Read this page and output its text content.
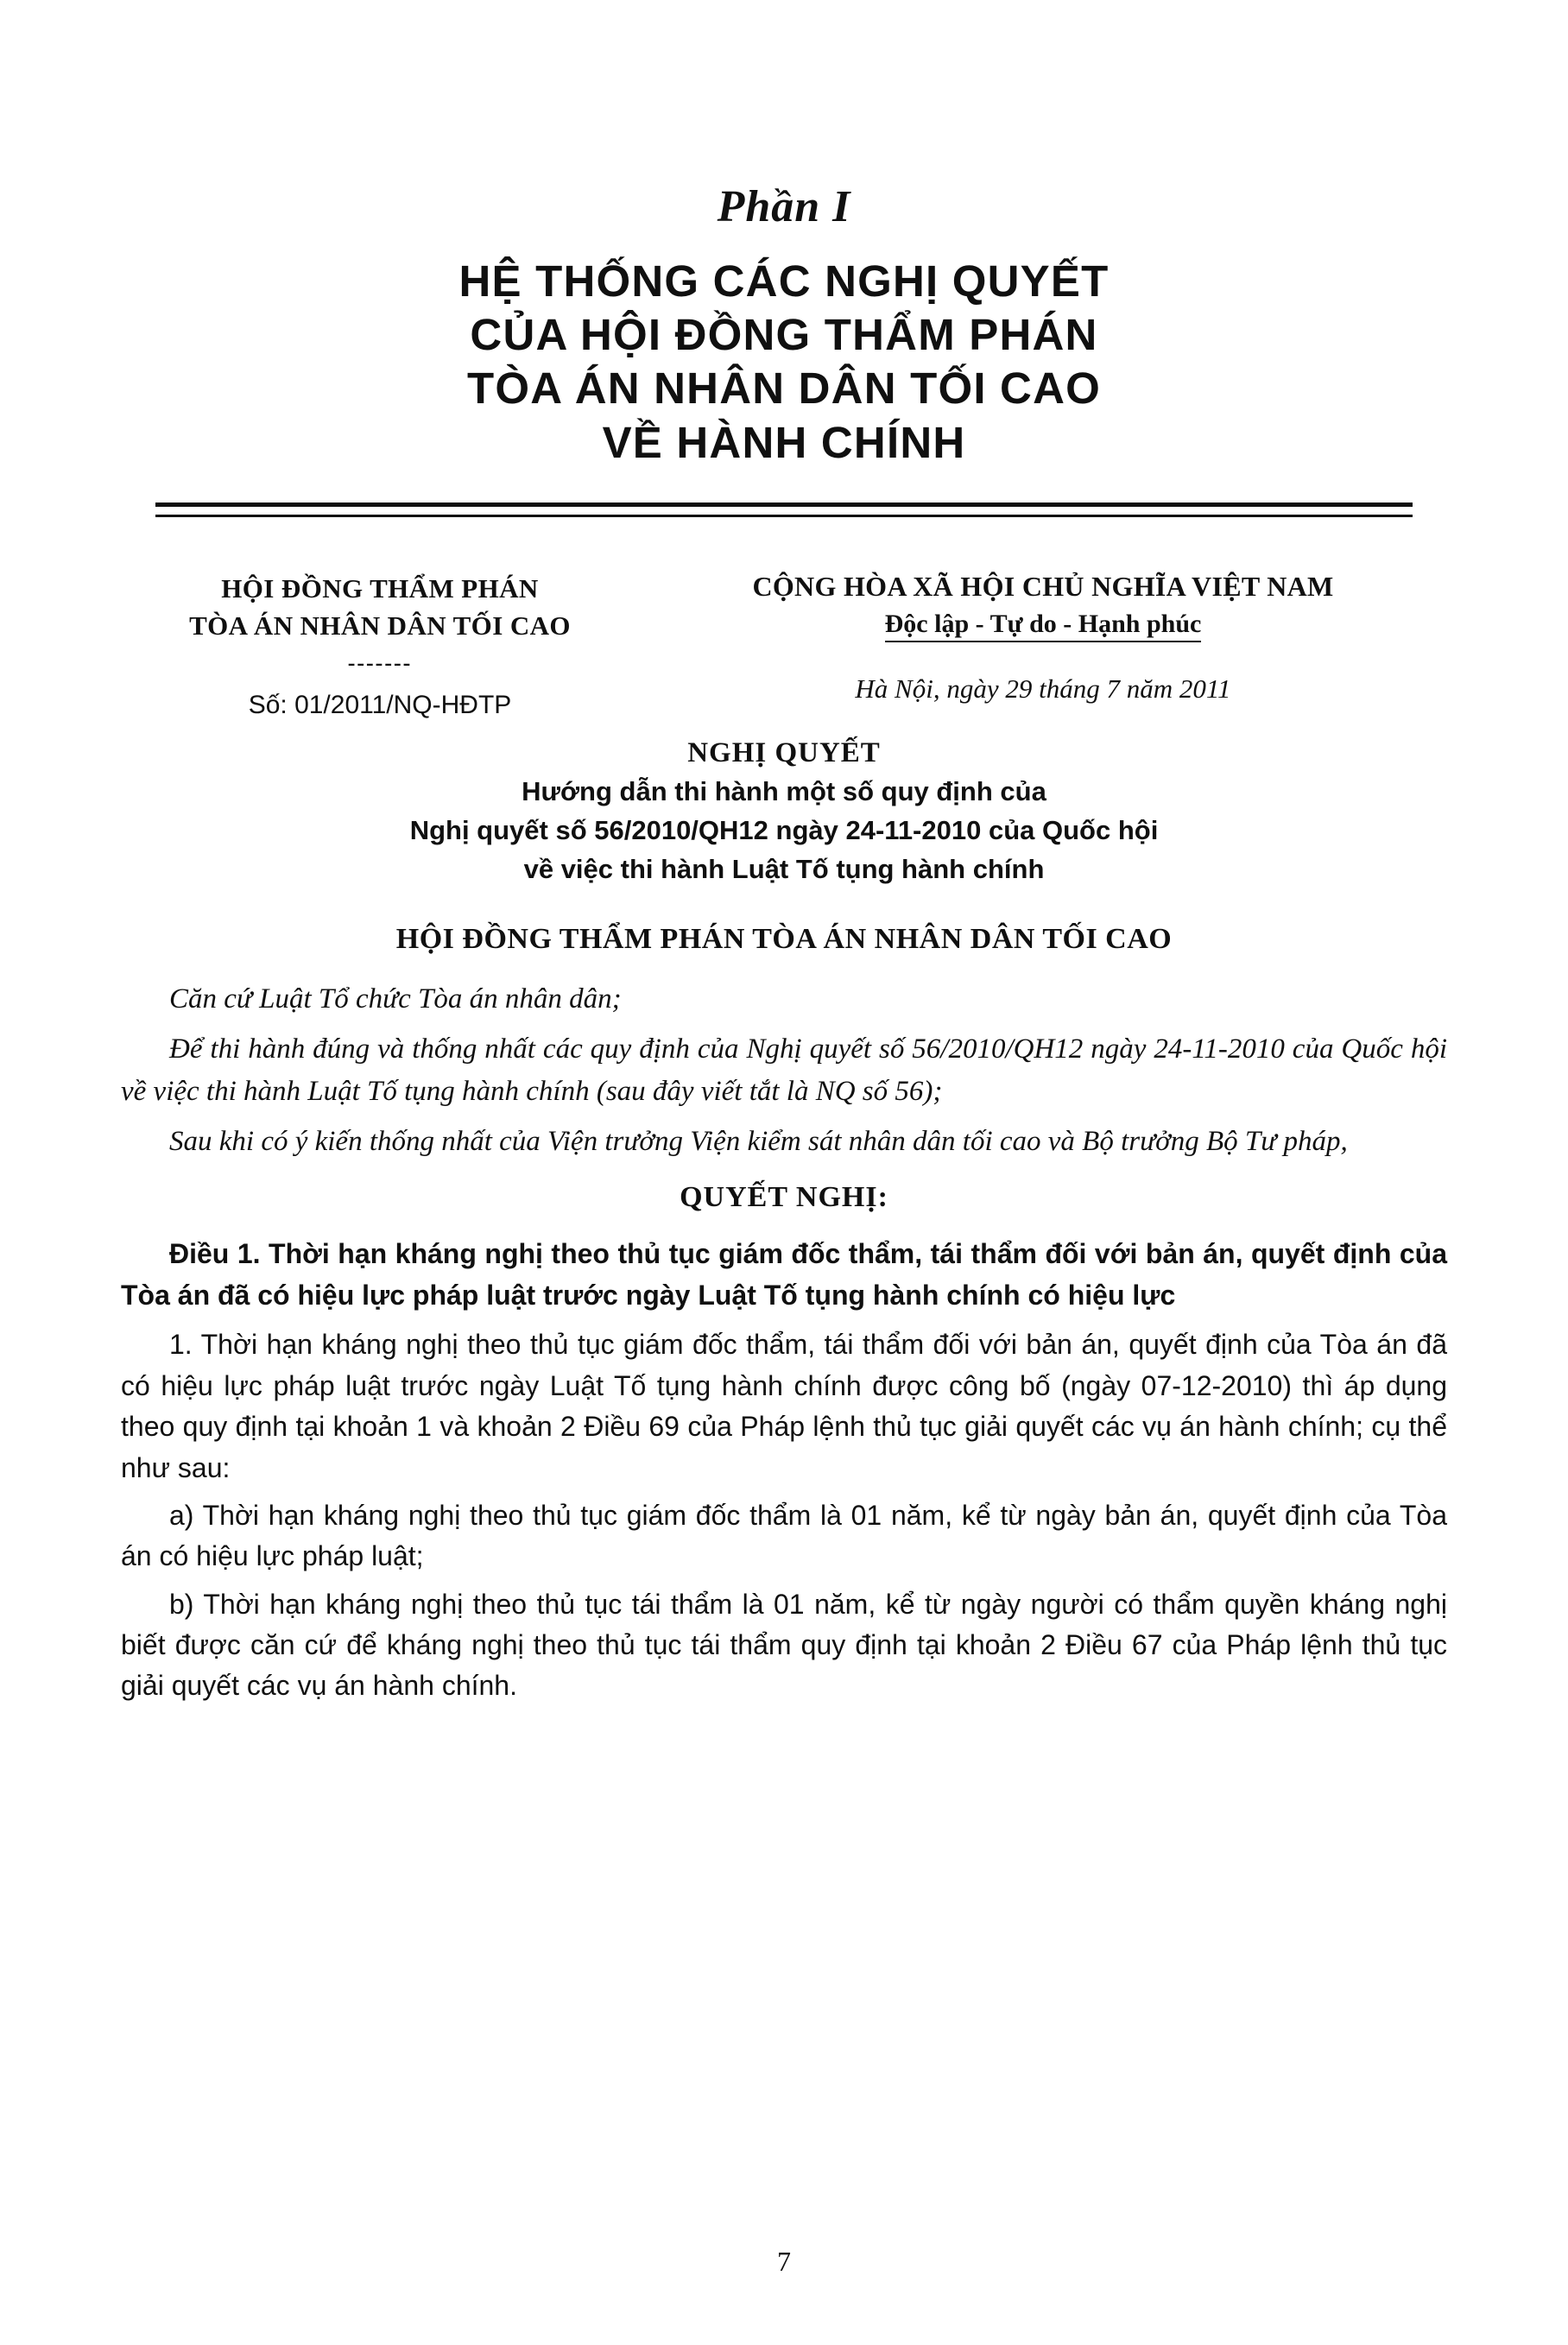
Phần I
HỆ THỐNG CÁC NGHỊ QUYẾT
CỦA HỘI ĐỒNG THẨM PHÁN
TÒA ÁN NHÂN DÂN TỐI CAO
VỀ HÀNH CHÍNH
HỘI ĐỒNG THẨM PHÁN
TÒA ÁN NHÂN DÂN TỐI CAO
-------
Số: 01/2011/NQ-HĐTP
CỘNG HÒA XÃ HỘI CHỦ NGHĨA VIỆT NAM
Độc lập - Tự do - Hạnh phúc
Hà Nội, ngày 29 tháng 7 năm 2011
NGHỊ QUYẾT
Hướng dẫn thi hành một số quy định của
Nghị quyết số 56/2010/QH12 ngày 24-11-2010 của Quốc hội
về việc thi hành Luật Tố tụng hành chính
HỘI ĐỒNG THẨM PHÁN TÒA ÁN NHÂN DÂN TỐI CAO

Căn cứ Luật Tổ chức Tòa án nhân dân;

Để thi hành đúng và thống nhất các quy định của Nghị quyết số 56/2010/QH12 ngày 24-11-2010 của Quốc hội về việc thi hành Luật Tố tụng hành chính (sau đây viết tắt là NQ số 56);

Sau khi có ý kiến thống nhất của Viện trưởng Viện kiểm sát nhân dân tối cao và Bộ trưởng Bộ Tư pháp,

QUYẾT NGHỊ:

Điều 1. Thời hạn kháng nghị theo thủ tục giám đốc thẩm, tái thẩm đối với bản án, quyết định của Tòa án đã có hiệu lực pháp luật trước ngày Luật Tố tụng hành chính có hiệu lực

1. Thời hạn kháng nghị theo thủ tục giám đốc thẩm, tái thẩm đối với bản án, quyết định của Tòa án đã có hiệu lực pháp luật trước ngày Luật Tố tụng hành chính được công bố (ngày 07-12-2010) thì áp dụng theo quy định tại khoản 1 và khoản 2 Điều 69 của Pháp lệnh thủ tục giải quyết các vụ án hành chính; cụ thể như sau:

a) Thời hạn kháng nghị theo thủ tục giám đốc thẩm là 01 năm, kể từ ngày bản án, quyết định của Tòa án có hiệu lực pháp luật;

b) Thời hạn kháng nghị theo thủ tục tái thẩm là 01 năm, kể từ ngày người có thẩm quyền kháng nghị biết được căn cứ để kháng nghị theo thủ tục tái thẩm quy định tại khoản 2 Điều 67 của Pháp lệnh thủ tục giải quyết các vụ án hành chính.

7
